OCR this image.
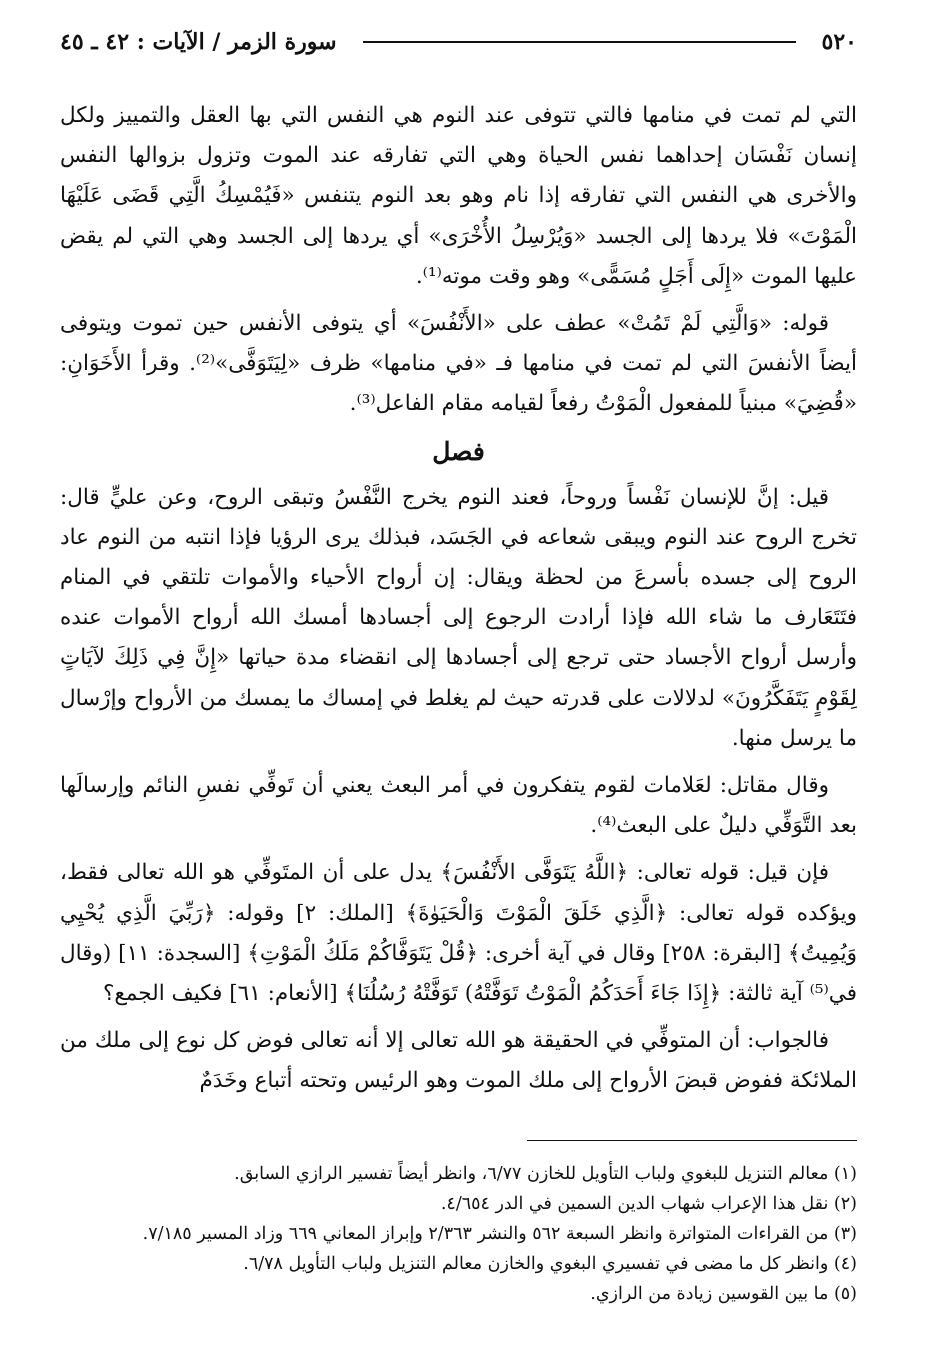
٥٢٠
سورة الزمر / الآيات : ٤٢ ـ ٤٥

التي لم تمت في منامها فالتي تتوفى عند النوم هي النفس التي بها العقل والتمييز ولكل إنسان نَفْسَان إحداهما نفس الحياة وهي التي تفارقه عند الموت وتزول بزوالها النفس والأخرى هي النفس التي تفارقه إذا نام وهو بعد النوم يتنفس «فَيُمْسِكُ الَّتِي قَضَى عَلَيْهَا الْمَوْتَ» فلا يردها إلى الجسد «وَيُرْسِلُ الأُخْرَى» أي يردها إلى الجسد وهي التي لم يقض عليها الموت «إِلَى أَجَلٍ مُسَمًّى» وهو وقت موته⁽¹⁾.

قوله: «وَالَّتِي لَمْ تَمُتْ» عطف على «الأَنْفُسَ» أي يتوفى الأنفس حين تموت ويتوفى أيضاً الأنفسَ التي لم تمت في منامها فـ «في منامها» ظرف «لِيَتَوَفَّى»⁽²⁾. وقرأ الأَخَوَانِ: «قُضِيَ» مبنياً للمفعول الْمَوْتُ رفعاً لقيامه مقام الفاعل⁽³⁾.

فصل

قيل: إنَّ للإنسان نَفْساً وروحاً، فعند النوم يخرج النَّفْسُ وتبقى الروح، وعن عليٍّ قال: تخرج الروح عند النوم ويبقى شعاعه في الجَسَد، فبذلك يرى الرؤيا فإذا انتبه من النوم عاد الروح إلى جسده بأسرعَ من لحظة ويقال: إن أرواح الأحياء والأموات تلتقي في المنام فتَتَعَارف ما شاء الله فإذا أرادت الرجوع إلى أجسادها أمسك الله أرواح الأموات عنده وأرسل أرواح الأجساد حتى ترجع إلى أجسادها إلى انقضاء مدة حياتها «إِنَّ فِي ذَلِكَ لآيَاتٍ لِقَوْمٍ يَتَفَكَّرُونَ» لدلالات على قدرته حيث لم يغلط في إمساك ما يمسك من الأرواح وإرْسال ما يرسل منها.

وقال مقاتل: لعَلامات لقوم يتفكرون في أمر البعث يعني أن تَوفِّي نفسِ النائم وإرسالَها بعد التَّوَفِّي دليلٌ على البعث⁽⁴⁾.

فإن قيل: قوله تعالى: ﴿اللَّهُ يَتَوَفَّى الأَنْفُسَ﴾ يدل على أن المتَوفِّي هو الله تعالى فقط، ويؤكده قوله تعالى: ﴿الَّذِي خَلَقَ الْمَوْتَ وَالْحَيَوٰةَ﴾ [الملك: ٢] وقوله: ﴿رَبِّيَ الَّذِي يُحْيِي وَيُمِيتُ﴾ [البقرة: ٢٥٨] وقال في آية أخرى: ﴿قُلْ يَتَوَفَّاكُمْ مَلَكُ الْمَوْتِ﴾ [السجدة: ١١] (وقال في⁽⁵⁾ آية ثالثة: ﴿إِذَا جَاءَ أَحَدَكُمُ الْمَوْتُ تَوَفَّتْهُ) تَوَفَّتْهُ رُسُلُنَا﴾ [الأنعام: ٦١] فكيف الجمع؟

فالجواب: أن المتوفِّي في الحقيقة هو الله تعالى إلا أنه تعالى فوض كل نوع إلى ملك من الملائكة ففوض قبضَ الأرواح إلى ملك الموت وهو الرئيس وتحته أتباع وخَدَمٌ

(١) معالم التنزيل للبغوي ولباب التأويل للخازن ٦/٧٧، وانظر أيضاً تفسير الرازي السابق.

(٢) نقل هذا الإعراب شهاب الدين السمين في الدر ٤/٦٥٤.

(٣) من القراءات المتواترة وانظر السبعة ٥٦٢ والنشر ٢/٣٦٣ وإبراز المعاني ٦٦٩ وزاد المسير ٧/١٨٥.

(٤) وانظر كل ما مضى في تفسيري البغوي والخازن معالم التنزيل ولباب التأويل ٦/٧٨.

(٥) ما بين القوسين زيادة من الرازي.
